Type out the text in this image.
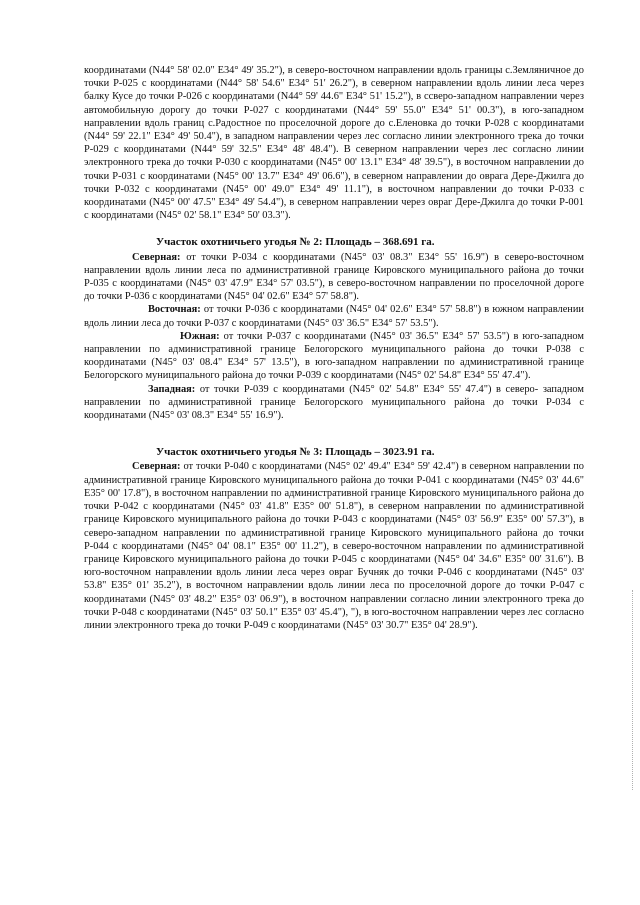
координатами (N44° 58' 02.0" E34° 49' 35.2"), в северо-восточном направлении вдоль границы с.Земляничное до точки Р-025 с координатами (N44° 58' 54.6" E34° 51' 26.2"), в северном направлении вдоль линии леса через балку Кусе до точки Р-026 с координатами (N44° 59' 44.6" E34° 51' 15.2"), в ссверо-западном направлении через автомобильную дорогу до точки Р-027 с координатами (N44° 59' 55.0" E34° 51' 00.3"), в юго-западном направлении вдоль границ с.Радостное по проселочной дороге до с.Еленовка до точки Р-028 с координатами (N44° 59' 22.1" E34° 49' 50.4"), в западном направлении через лес согласно линии электронного трека до точки Р-029 с координатами (N44° 59' 32.5" E34° 48' 48.4"). В северном направлении через лес согласно линии электронного трека до точки Р-030 с координатами (N45° 00' 13.1" E34° 48' 39.5"), в восточном направлении до точки Р-031 с координатами (N45° 00' 13.7" E34° 49' 06.6"), в северном направлении до оврага Дере-Джилга до точки Р-032 с координатами (N45° 00' 49.0" E34° 49' 11.1"), в восточном направлении до точки Р-033 с координатами (N45° 00' 47.5" E34° 49' 54.4"), в северном направлении через овраг Дере-Джилга до точки Р-001 с координатами (N45° 02' 58.1" E34° 50' 03.3").

Участок охотничьего угодья № 2: Площадь – 368.691 га.

Северная: от точки Р-034 с координатами (N45° 03' 08.3" E34° 55' 16.9") в северо-восточном направлении вдоль линии леса по административной границе Кировского муниципального района до точки Р-035 с координатами (N45° 03' 47.9" E34° 57' 03.5"), в северо-восточном направлении по проселочной дороге до точки Р-036 с координатами (N45° 04' 02.6" E34° 57' 58.8").

Восточная: от точки Р-036 с координатами (N45° 04' 02.6" E34° 57' 58.8") в южном направлении вдоль линии леса до точки Р-037 с координатами (N45° 03' 36.5" E34° 57' 53.5").

Южная: от точки Р-037 с координатами (N45° 03' 36.5" E34° 57' 53.5") в юго-западном направлении по административной границе Белогорского муниципального района до точки Р-038 с координатами (N45° 03' 08.4" E34° 57' 13.5"), в юго-западном направлении по административной границе Белогорского муниципального района до точки Р-039 с координатами (N45° 02' 54.8" E34° 55' 47.4").

Западная: от точки Р-039 с координатами (N45° 02' 54.8" E34° 55' 47.4") в северо- западном направлении по административной границе Белогорского муниципального района до точки Р-034 с координатами (N45° 03' 08.3" E34° 55' 16.9").

Участок охотничьего угодья № 3: Площадь – 3023.91 га.

Северная: от точки Р-040 с координатами (N45° 02' 49.4" E34° 59' 42.4") в северном направлении по административной границе Кировского муниципального района до точки Р-041 с координатами (N45° 03' 44.6" E35° 00' 17.8"), в восточном направлении по административной границе Кировского муниципального района до точки Р-042 с координатами (N45° 03' 41.8" E35° 00' 51.8"), в северном направлении по административной границе Кировского муниципального района до точки Р-043 с координатами (N45° 03' 56.9" E35° 00' 57.3"), в северо-западном направлении по административной границе Кировского муниципального района до точки Р-044 с координатами (N45° 04' 08.1" E35° 00' 11.2"), в северо-восточном направлении по административной границе Кировского муниципального района до точки Р-045 с координатами (N45° 04' 34.6" E35° 00' 31.6"). В юго-восточном направлении вдоль линии леса через овраг Бучняк до точки Р-046 с координатами (N45° 03' 53.8" E35° 01' 35.2"), в восточном направлении вдоль линии леса по проселочной дороге до точки Р-047 с координатами (N45° 03' 48.2" E35° 03' 06.9"), в восточном направлении согласно линии электронного трека до точки Р-048 с координатами (N45° 03' 50.1" E35° 03' 45.4"), "), в юго-восточном направлении через лес согласно линии электронного трека до точки Р-049 с координатами (N45° 03' 30.7" E35° 04' 28.9").
